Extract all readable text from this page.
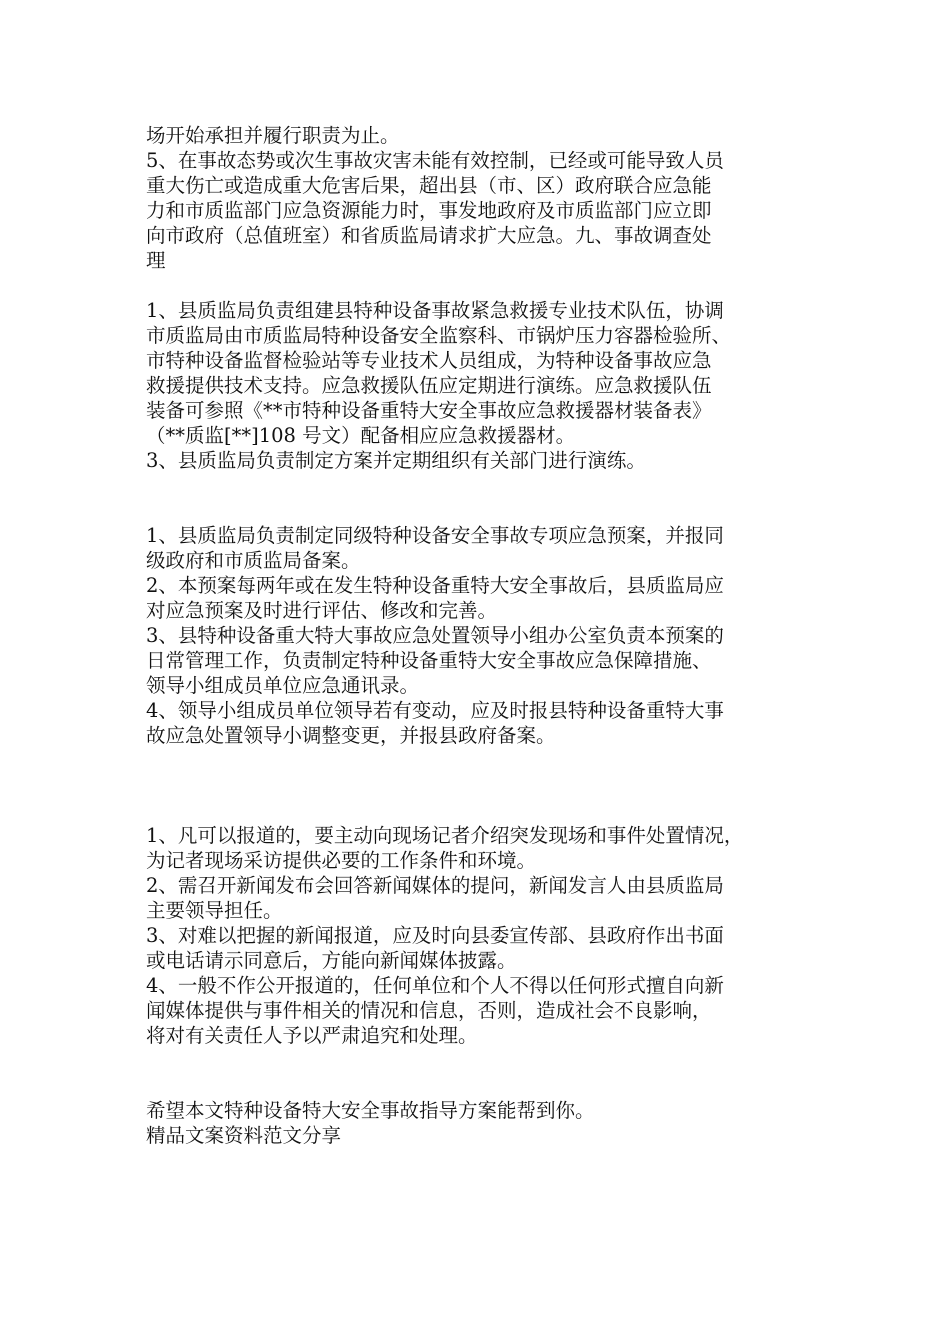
场开始承担并履行职责为止。

5、在事故态势或次生事故灾害未能有效控制，已经或可能导致人员
重大伤亡或造成重大危害后果，超出县（市、区）政府联合应急能
力和市质监部门应急资源能力时，事发地政府及市质监部门应立即
向市政府（总值班室）和省质监局请求扩大应急。九、事故调查处
理

1、县质监局负责组建县特种设备事故紧急救援专业技术队伍，协调
市质监局由市质监局特种设备安全监察科、市锅炉压力容器检验所、
市特种设备监督检验站等专业技术人员组成，为特种设备事故应急
救援提供技术支持。应急救援队伍应定期进行演练。应急救援队伍
装备可参照《**市特种设备重特大安全事故应急救援器材装备表》
（**质监[**]108 号文）配备相应应急救援器材。

3、县质监局负责制定方案并定期组织有关部门进行演练。

1、县质监局负责制定同级特种设备安全事故专项应急预案，并报同
级政府和市质监局备案。

2、本预案每两年或在发生特种设备重特大安全事故后，县质监局应
对应急预案及时进行评估、修改和完善。

3、县特种设备重大特大事故应急处置领导小组办公室负责本预案的
日常管理工作，负责制定特种设备重特大安全事故应急保障措施、
领导小组成员单位应急通讯录。

4、领导小组成员单位领导若有变动，应及时报县特种设备重特大事
故应急处置领导小调整变更，并报县政府备案。

1、凡可以报道的，要主动向现场记者介绍突发现场和事件处置情况，
为记者现场采访提供必要的工作条件和环境。

2、需召开新闻发布会回答新闻媒体的提问，新闻发言人由县质监局
主要领导担任。

3、对难以把握的新闻报道，应及时向县委宣传部、县政府作出书面
或电话请示同意后，方能向新闻媒体披露。

4、一般不作公开报道的，任何单位和个人不得以任何形式擅自向新
闻媒体提供与事件相关的情况和信息，否则，造成社会不良影响，
将对有关责任人予以严肃追究和处理。

希望本文特种设备特大安全事故指导方案能帮到你。

精品文案资料范文分享
